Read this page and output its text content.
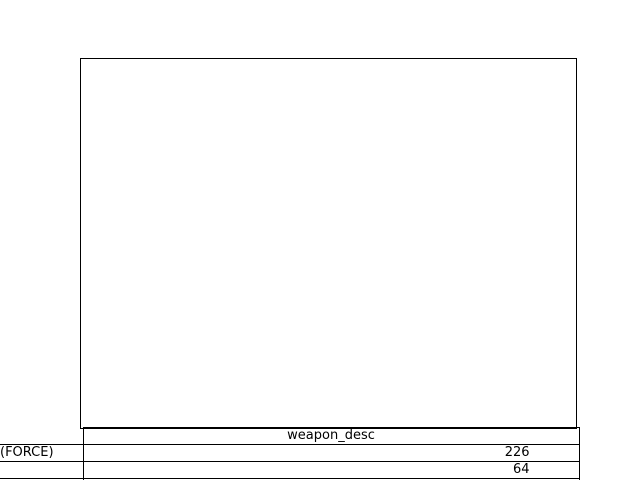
	weapon_desc
(FORCE)	226
	64
